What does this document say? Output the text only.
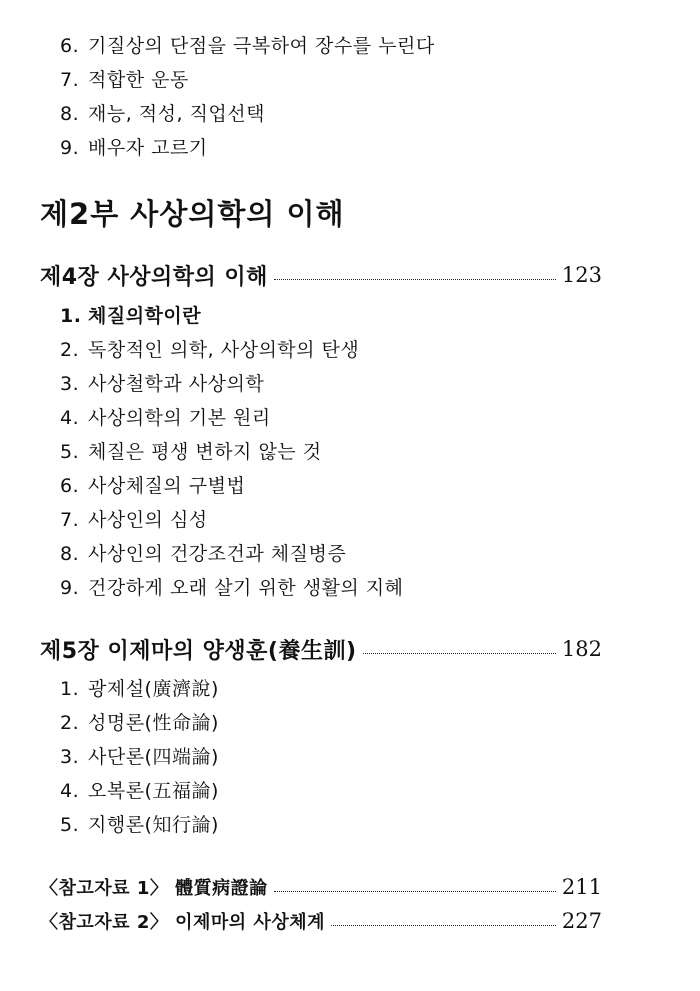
6. 기질상의 단점을 극복하여 장수를 누린다
7. 적합한 운동
8. 재능, 적성, 직업선택
9. 배우자 고르기
제2부 사상의학의 이해
제4장 사상의학의 이해	123
1. 체질의학이란
2. 독창적인 의학, 사상의학의 탄생
3. 사상철학과 사상의학
4. 사상의학의 기본 원리
5. 체질은 평생 변하지 않는 것
6. 사상체질의 구별법
7. 사상인의 심성
8. 사상인의 건강조건과 체질병증
9. 건강하게 오래 살기 위한 생활의 지혜
제5장 이제마의 양생훈(養生訓)	182
1. 광제설(廣濟說)
2. 성명론(性命論)
3. 사단론(四端論)
4. 오복론(五福論)
5. 지행론(知行論)
〈참고자료 1〉 體質病證論	211
〈참고자료 2〉 이제마의 사상체계	227
